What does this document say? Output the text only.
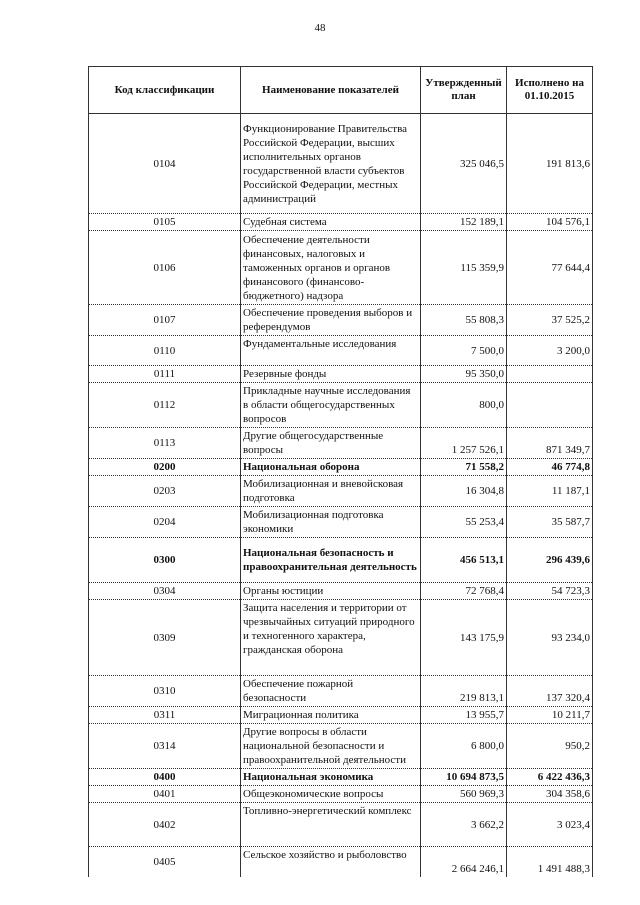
48
Код классификации	Наименование показателей	Утвержденный план	Исполнено на 01.10.2015
0104	Функционирование Правительства Российской Федерации, высших исполнительных органов государственной власти субъектов Российской Федерации, местных администраций	325 046,5	191 813,6
0105	Судебная система	152 189,1	104 576,1
0106	Обеспечение деятельности финансовых, налоговых и таможенных органов и органов финансового (финансово-бюджетного) надзора	115 359,9	77 644,4
0107	Обеспечение проведения выборов и референдумов	55 808,3	37 525,2
0110	Фундаментальные исследования	7 500,0	3 200,0
0111	Резервные фонды	95 350,0	
0112	Прикладные научные исследования в области общегосударственных вопросов	800,0	
0113	Другие общегосударственные вопросы	1 257 526,1	871 349,7
0200	Национальная оборона	71 558,2	46 774,8
0203	Мобилизационная и вневойсковая подготовка	16 304,8	11 187,1
0204	Мобилизационная подготовка экономики	55 253,4	35 587,7
0300	Национальная безопасность и правоохранительная деятельность	456 513,1	296 439,6
0304	Органы юстиции	72 768,4	54 723,3
0309	Защита населения и территории от чрезвычайных ситуаций природного и техногенного характера, гражданская оборона	143 175,9	93 234,0
0310	Обеспечение пожарной безопасности	219 813,1	137 320,4
0311	Миграционная политика	13 955,7	10 211,7
0314	Другие вопросы в области национальной безопасности и правоохранительной деятельности	6 800,0	950,2
0400	Национальная экономика	10 694 873,5	6 422 436,3
0401	Общеэкономические вопросы	560 969,3	304 358,6
0402	Топливно-энергетический комплекс	3 662,2	3 023,4
0405	Сельское хозяйство и рыболовство	2 664 246,1	1 491 488,3
